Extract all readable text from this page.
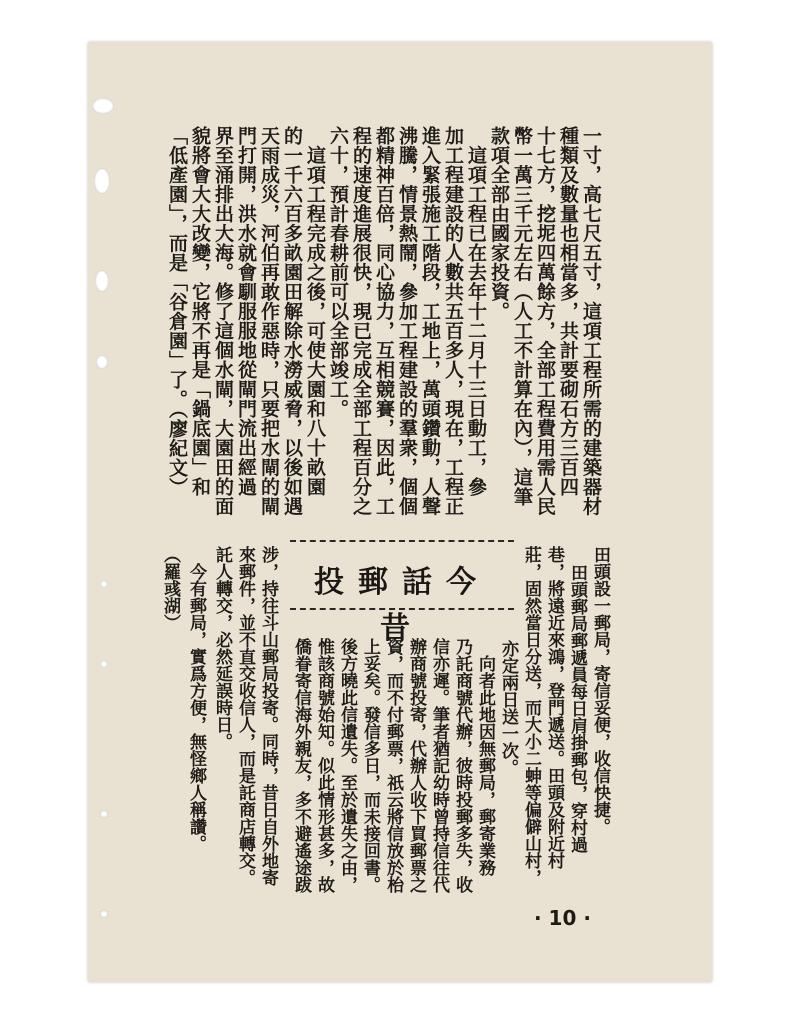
一寸，高七尺五寸，這項工程所需的建築器材
種類及數量也相當多，共計要砌石方三百四
十七方，挖坭四萬餘方，全部工程費用需人民
幣一萬三千元左右（人工不計算在內），這筆
款項全部由國家投資。
　這項工程已在去年十二月十三日動工，參
加工程建設的人數共五百多人，現在，工程正
進入緊張施工階段，工地上，萬頭鑽動，人聲
沸騰，情景熱鬧，參加工程建設的羣衆，個個
都精神百倍，同心協力，互相競賽，因此，工
程的速度進展很快，現已完成全部工程百分之
六十，預計春耕前可以全部竣工。
　這項工程完成之後，可使大園和八十畝園
的一千六百多畝園田解除水澇威脅，以後如遇
天雨成災，河伯再敢作惡時，只要把水閘的閘
門打開，洪水就會馴服服地從閘門流出經過
界至涌排出大海。修了這個水閘，大園田的面
貌將會大大改變，它將不再是「鍋底園」和
「低產園」，而是「谷倉園」了。（廖紀文）
投郵話今昔	田頭設一郵局，寄信妥便，收信快捷。
田頭郵局郵遞員每日肩掛郵包，穿村過
巷，將遠近來鴻，登門遞送。田頭及附近村
莊，固然當日分送，而大小二𧊋等偏僻山村，
亦定兩日送一次。
　向者此地因無郵局，郵寄業務
乃託商號代辦，彼時投郵多失，收
信亦遲。筆者猶記幼時曾持信往代
辦商號投寄，代辦人收下買郵票之
資，而不付郵票，祇云將信放於枱
上妥矣。發信多日，而未接回書。
後方曉此信遺失。至於遺失之由，
惟該商號始知。似此情形甚多，故
僑眷寄信海外親友，多不避遙途跋
涉，持往斗山郵局投寄。同時，昔日自外地寄
來郵件，並不直交收信人，而是託商店轉交。
託人轉交，必然延誤時日。
　今有郵局，實爲方便，無怪鄉人稱讚。
（羅彧湖）
· 10 ·
